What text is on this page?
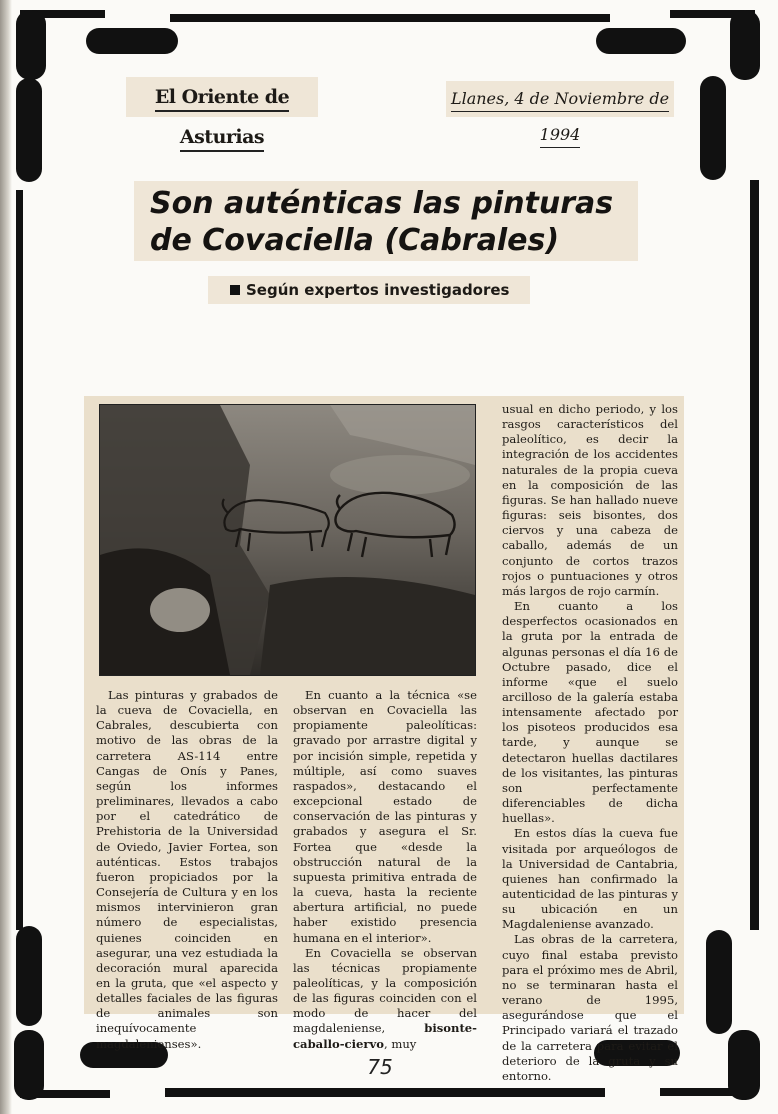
El Oriente de Asturias
Llanes, 4 de Noviembre de 1994
Son auténticas las pinturas
de Covaciella (Cabrales)
Según expertos investigadores

Las pinturas y grabados de la cueva de Covaciella, en Cabrales, descubierta con motivo de las obras de la carretera AS-114 entre Cangas de Onís y Panes, según los informes preliminares, llevados a cabo por el catedrático de Prehistoria de la Universidad de Oviedo, Javier Fortea, son auténticas. Estos trabajos fueron propiciados por la Consejería de Cultura y en los mismos intervinieron gran número de especialistas, quienes coinciden en asegurar, una vez estudiada la decoración mural aparecida en la gruta, que «el aspecto y detalles faciales de las figuras de animales son inequívocamente magdalenienses».

En cuanto a la técnica «se observan en Covaciella las propiamente paleolíticas: gravado por arrastre digital y por incisión simple, repetida y múltiple, así como suaves raspados», destacando el excepcional estado de conservación de las pinturas y grabados y asegura el Sr. Fortea que «desde la obstrucción natural de la supuesta primitiva entrada de la cueva, hasta la reciente abertura artificial, no puede haber existido presencia humana en el interior».

En Covaciella se observan las técnicas propiamente paleolíticas, y la composición de las figuras coinciden con el modo de hacer del magdaleniense,	bisonte-caballo-ciervo, muy

usual en dicho periodo, y los rasgos característicos del paleolítico, es decir la integración de los accidentes naturales de la propia cueva en la composición de las figuras. Se han hallado nueve figuras: seis bisontes, dos ciervos y una cabeza de caballo, además de un conjunto de cortos trazos rojos o puntuaciones y otros más largos de rojo carmín.

En cuanto a los desperfectos ocasionados en la gruta por la entrada de algunas personas el día 16 de Octubre pasado, dice el informe «que el suelo arcilloso de la galería estaba intensamente afectado por los pisoteos producidos esa tarde, y aunque se detectaron huellas dactilares de los visitantes, las pinturas son perfectamente diferenciables de dicha huellas».

En estos días la cueva fue visitada por arqueólogos de la Universidad de Cantabria, quienes han confirmado la autenticidad de las pinturas y su ubicación en un Magdaleniense avanzado.

Las obras de la carretera, cuyo final estaba previsto para el próximo mes de Abril, no se terminaran hasta el verano de 1995, asegurándose que el Principado variará el trazado de la carretera para evitar el deterioro de la gruta y su entorno.

75
